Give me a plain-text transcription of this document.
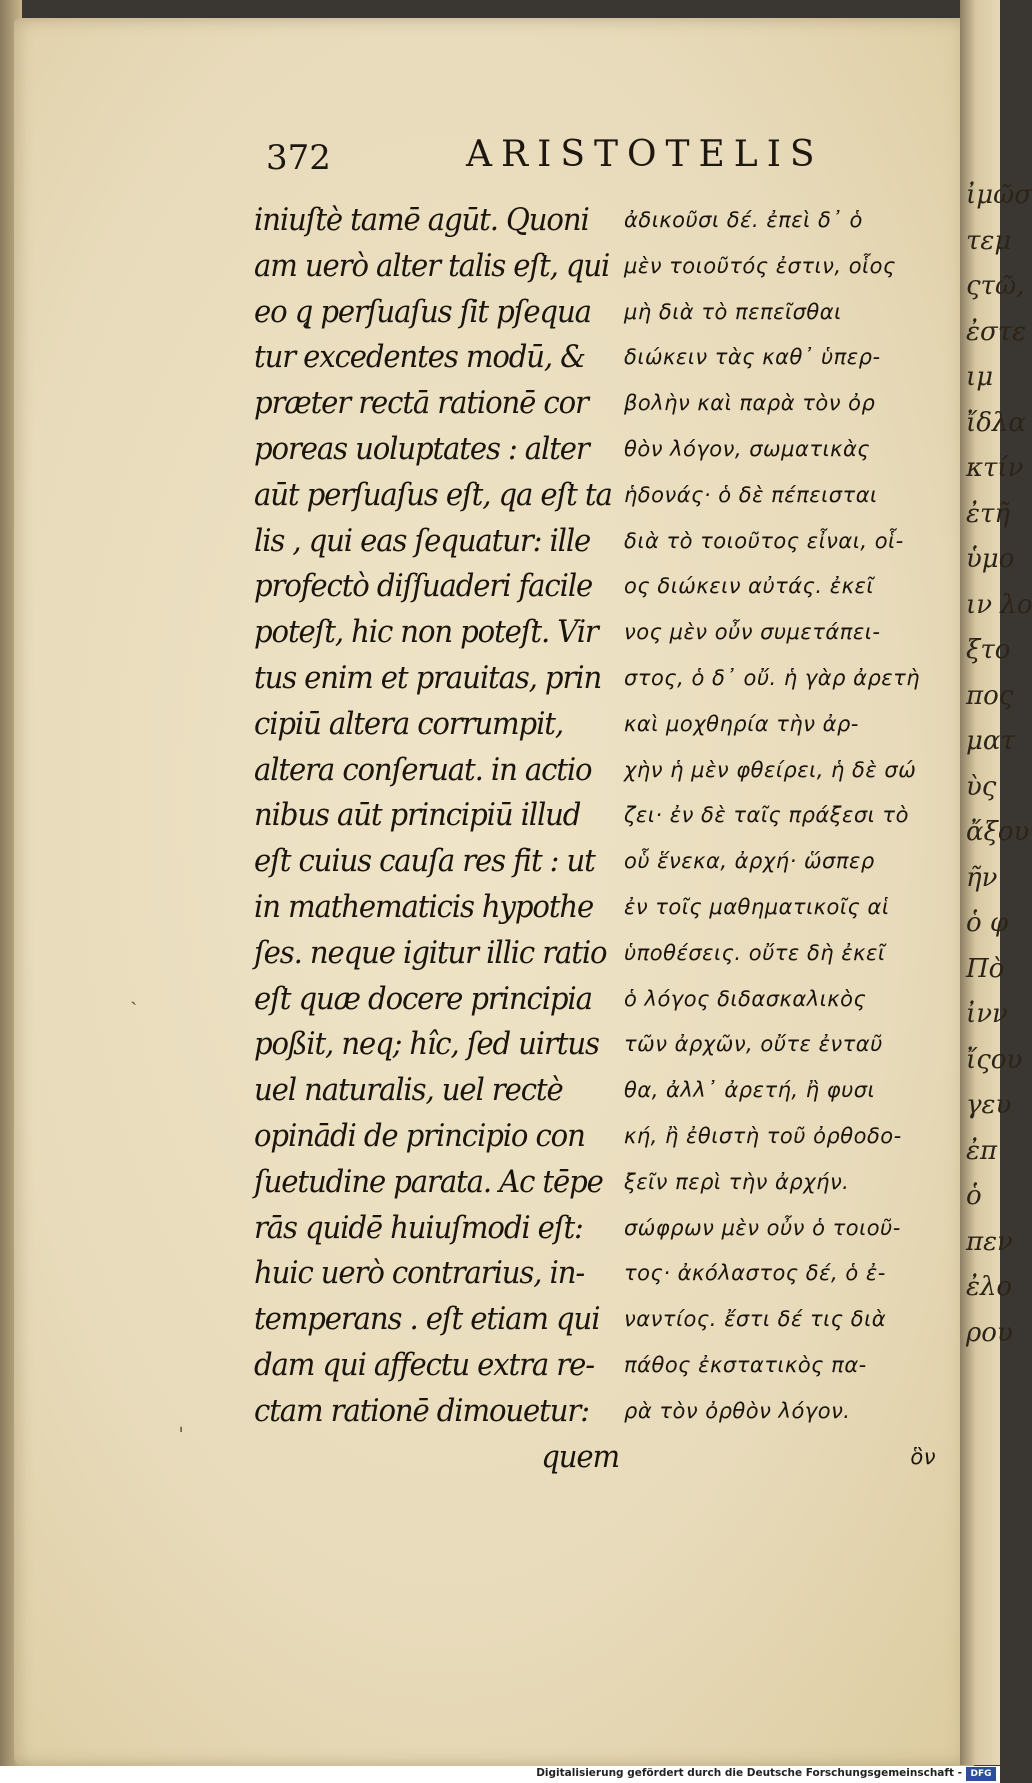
ἰμῶσ
τεμ
ςτῶ,
ἐστε
ιμ
ἴδλα
κτίν
ἐτῆ
ὑμο
ιν λο
ξτο
πος
ματ
ὺς
ἄξου
ῆν
ὁ φ
Πὸ
ἰνν
ἴςου
γευ
ἐπ
ὁ
πεν
ἐλο
ρου
372	ARISTOTELIS
iniuſtè tamē agūt. Quoni
am uerò alter talis eſt, qui
eo q̨ perſuaſus ſit pſequa
tur excedentes modū, &
præter rectā rationē cor
poreas uoluptates : alter
aūt perſuaſus eſt, qa eſt ta
lis , qui eas ſequatur: ille
profectò diſſuaderi facile
poteſt, hic non poteſt. Vir
tus enim et prauitas, prin
cipiū altera corrumpit,
altera conſeruat. in actio
nibus aūt principiū illud
eſt cuius cauſa res fit : ut
in mathematicis hypothe
ſes. neque igitur illic ratio
eſt quæ docere principia
poßit, neq; hîc, ſed uirtus
uel naturalis, uel rectè
opinādi de principio con
ſuetudine parata. Ac tēpe
rās quidē huiuſmodi eſt:
huic uerò contrarius, in-
temperans . eſt etiam qui
dam qui affectu extra re-
ctam rationē dimouetur:
quem
ἀδικοῦσι δέ. ἐπεὶ δ᾽ ὁ
μὲν τοιοῦτός ἐστιν, οἷος
μὴ διὰ τὸ πεπεῖσθαι
διώκειν τὰς καθ᾽ ὑπερ-
βολὴν καὶ παρὰ τὸν ὀρ
θὸν λόγον, σωματικὰς
ἡδονάς· ὁ δὲ πέπεισται
διὰ τὸ τοιοῦτος εἶναι, οἷ-
ος διώκειν αὐτάς. ἐκεῖ
νος μὲν οὖν συμετάπει-
στος, ὁ δ᾽ οὔ. ἡ γὰρ ἀρετὴ
καὶ μοχθηρία τὴν ἀρ-
χὴν ἡ μὲν φθείρει, ἡ δὲ σώ
ζει· ἐν δὲ ταῖς πράξεσι τὸ
οὗ ἕνεκα, ἀρχή· ὥσπερ
ἐν τοῖς μαθηματικοῖς αἱ
ὑποθέσεις. οὔτε δὴ ἐκεῖ
ὁ λόγος διδασκαλικὸς
τῶν ἀρχῶν, οὔτε ἐνταῦ
θα, ἀλλ᾽ ἀρετή, ἢ φυσι
κή, ἢ ἐθιστὴ τοῦ ὀρθοδο-
ξεῖν περὶ τὴν ἀρχήν.
σώφρων μὲν οὖν ὁ τοιοῦ-
τος· ἀκόλαστος δέ, ὁ ἐ-
ναντίος. ἔστι δέ τις διὰ
πάθος ἐκστατικὸς πα-
ρὰ τὸν ὀρθὸν λόγον.
ὃν
ˎ
ˌ
Digitalisierung gefördert durch die Deutsche Forschungsgemeinschaft - DFG
